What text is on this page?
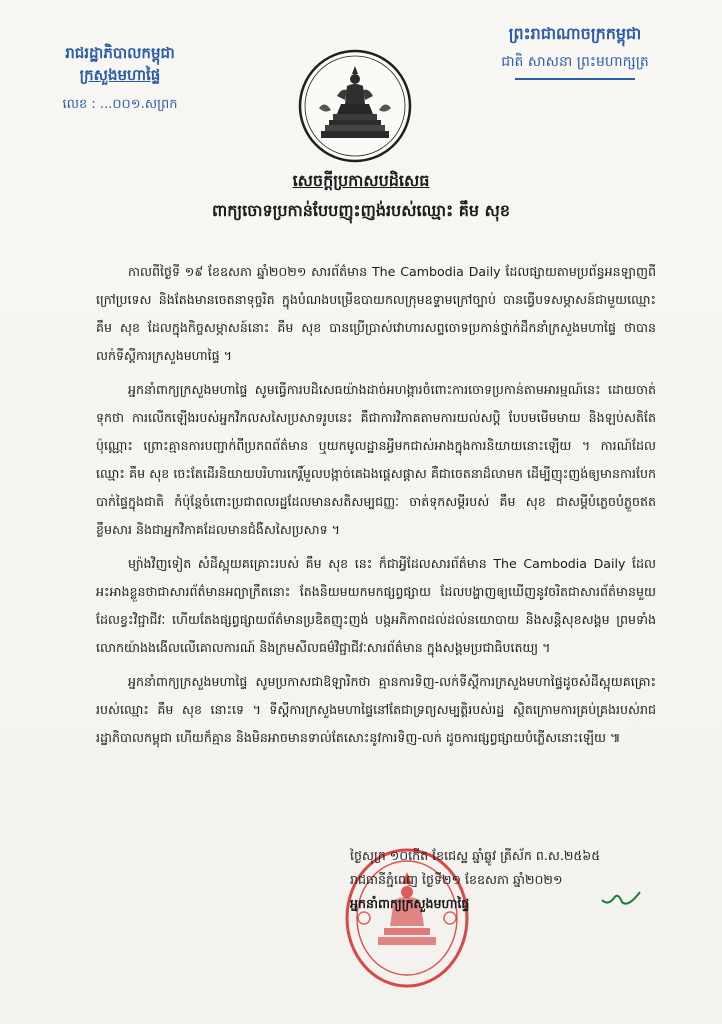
រាជរដ្ឋាភិបាលកម្ពុជា
ក្រសួងមហាផ្ទៃ
លេខ : ...០០១.សព្រក
ព្រះរាជាណាចក្រកម្ពុជា
ជាតិ សាសនា ព្រះមហាក្សត្រ
សេចក្តីប្រកាសបដិសេធ
ពាក្យចោទប្រកាន់បែបញុះញង់របស់ឈ្មោះ គឹម សុខ

កាលពីថ្ងៃទី ១៩ ខែឧសភា ឆ្នាំ២០២១ សារព័ត៌មាន The Cambodia Daily ដែលផ្សាយតាមប្រព័ន្ធអនឡាញពីក្រៅប្រទេស និងតែងមានចេតនាទុច្ចរិត ក្នុងបំណងបម្រើឧបាយកលក្រុមឧទ្ទាមក្រៅច្បាប់ បានធ្វើបទសម្ភាសន៍ជាមួយឈ្មោះ គឹម សុខ ដែលក្នុងកិច្ចសម្ភាសន៍នោះ គឹម សុខ បានប្រើប្រាស់វោហារសព្ទចោទប្រកាន់ថ្នាក់ដឹកនាំក្រសួងមហាផ្ទៃ ថាបានលក់ទីស្តីការក្រសួងមហាផ្ទៃ ។

អ្នកនាំពាក្យក្រសួងមហាផ្ទៃ សូមធ្វើការបដិសេធយ៉ាងដាច់អហង្ការចំពោះការចោទប្រកាន់តាមអារម្មណ៍នេះ ដោយចាត់ទុកថា ការលើកឡើងរបស់អ្នកវិកលសសៃប្រសាទរូបនេះ គឺជាការវិកាគតាមការយល់សប្តិ បែបមមើមមាយ និងឡប់សតិតែប៉ុណ្ណោះ ព្រោះគ្មានការបញ្ជាក់ពីប្រភពព័ត៌មាន ឬយកមូលដ្ឋានអ្វីមកជាស់អាងក្នុងការនិយាយនោះឡើយ ។ ការណ៍ដែលឈ្មោះ គឹម សុខ ចេះតែដើរនិយាយបរិហារកេរ្តិ៍មួលបង្កាច់គេឯងផ្តេសផ្តាស គឺជាចេតនាដ៏លាមក ដើម្បីញុះញង់ឲ្យមានការបែកបាក់ផ្ទៃក្នុងជាតិ កំប៉ុន្តែចំពោះប្រជាពលរដ្ឋដែលមានសតិសម្បជញ្ញៈ ចាត់ទុកសម្តីរបស់ គឹម សុខ ជាសម្តីបំភ្លេចបំភ្លួចឥតខ្លឹមសារ និងជាអ្នកវិកាគដែលមានជំងឺសសៃប្រសាទ ។

ម្យ៉ាងវិញទៀត សំដីស្អុយគគ្រោះរបស់ គឹម សុខ នេះ ក៏ជាអ្វីដែលសារព័ត៌មាន The Cambodia Daily ដែលអះអាងខ្លួនថាជាសារព័ត៌មានអព្យាក្រឹតនោះ តែងនិយមយកមកផ្សព្វផ្សាយ ដែលបង្ហាញឲ្យឃើញនូវចរិតជាសារព័ត៌មានមួយដែលខ្វះវិជ្ជាជីវៈ ហើយតែងផ្សព្វផ្សាយព័ត៌មានប្រឌិតញុះញង់ បង្កអភិភាពដល់ដល់នយោបាយ និងសន្តិសុខសង្គម ព្រមទាំងលោកយ៉ាងងងើលលើគោលការណ៍ និងក្រមសីលធម៌វិជ្ជាជីវៈសារព័ត៌មាន ក្នុងសង្គមប្រជាធិបតេយ្យ ។

អ្នកនាំពាក្យក្រសួងមហាផ្ទៃ សូមប្រកាសជាឱឡារិកថា គ្មានការទិញ-លក់ទីស្តីការក្រសួងមហាផ្ទៃដូចសំដីស្អុយគគ្រោះរបស់ឈ្មោះ គឹម សុខ នោះទេ ។ ទីស្តីការក្រសួងមហាផ្ទៃនៅតែជាទ្រព្យសម្បត្តិរបស់រដ្ឋ ស្ថិតក្រោមការគ្រប់គ្រងរបស់រាជរដ្ឋាភិបាលកម្ពុជា ហើយក៏គ្មាន និងមិនអាចមានទាល់តែសោះនូវការទិញ-លក់ ដូចការផ្សព្វផ្សាយបំភ្លើសនោះឡើយ ៕

ថ្ងៃសុក្រ ១០កើត ខែជេស្ឋ ឆ្នាំឆ្លូវ ត្រីស័ក ព.ស.២៥៦៥
រាជធានីភ្នំពេញ ថ្ងៃទី២១ ខែឧសភា ឆ្នាំ២០២១
អ្នកនាំពាក្យក្រសួងមហាផ្ទៃ
